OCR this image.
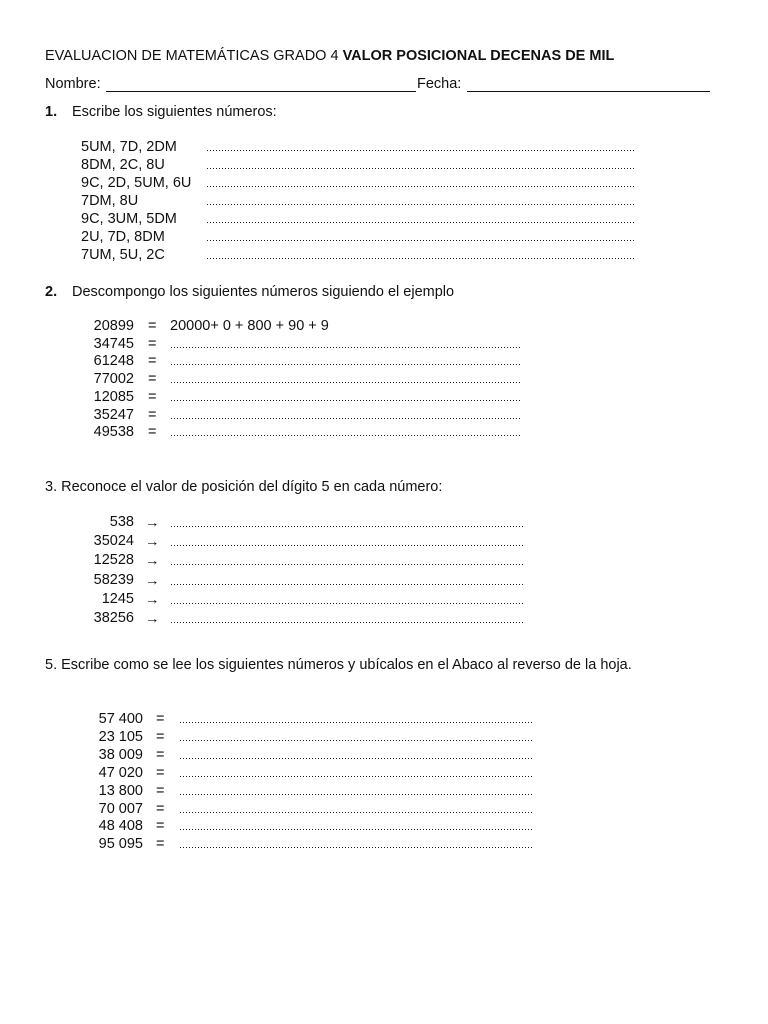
EVALUACION DE MATEMÁTICAS GRADO 4 VALOR POSICIONAL DECENAS DE MIL
Nombre:	Fecha:
1. Escribe los siguientes números:
5UM, 7D, 2DM
8DM, 2C, 8U
9C, 2D, 5UM, 6U
7DM, 8U
9C, 3UM, 5DM
2U, 7D, 8DM
7UM, 5U, 2C
2. Descompongo los siguientes números siguiendo el ejemplo
20899 = 20000+ 0 + 800 + 90 + 9
34745 =
61248 =
77002 =
12085 =
35247 =
49538 =
3. Reconoce el valor de posición del dígito 5 en cada número:
538 →
35024 →
12528 →
58239 →
1245 →
38256 →
5. Escribe como se lee los siguientes números y ubícalos en el Abaco al reverso de la hoja.
57 400 =
23 105 =
38 009 =
47 020 =
13 800 =
70 007 =
48 408 =
95 095 =
